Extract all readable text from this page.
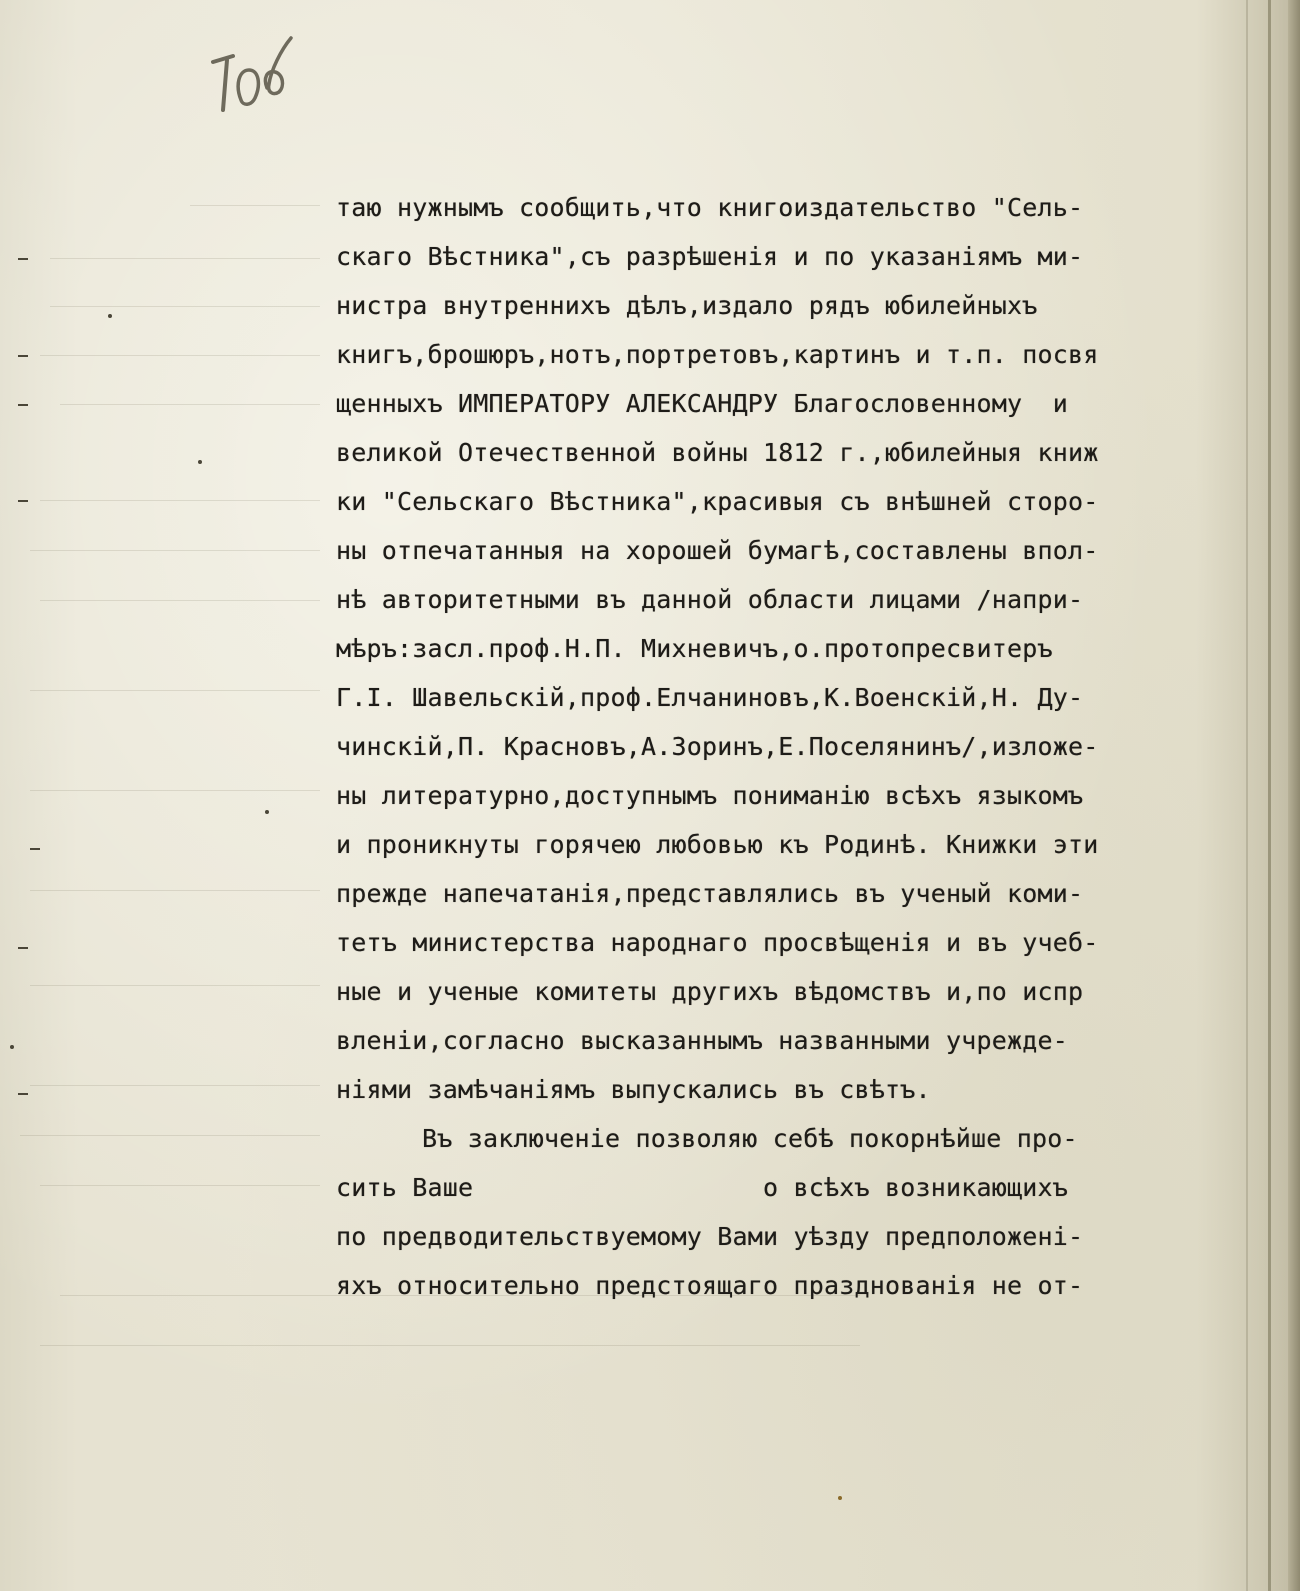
таю нужнымъ сообщить,что книгоиздательство "Сель-
скаго Вѣстника",съ разрѣшенія и по указаніямъ ми-
нистра внутреннихъ дѣлъ,издало рядъ юбилейныхъ
книгъ,брошюръ,нотъ,портретовъ,картинъ и т.п. посвя
щенныхъ ИМПЕРАТОРУ АЛЕКСАНДРУ Благословенному  и
великой Отечественной войны 1812 г.,юбилейныя книж
ки "Сельскаго Вѣстника",красивыя съ внѣшней сторо-
ны отпечатанныя на хорошей бумагѣ,составлены впол-
нѣ авторитетными въ данной области лицами /напри-
мѣръ:засл.проф.Н.П. Михневичъ,о.протопресвитеръ
Г.I. Шавельскiй,проф.Елчаниновъ,К.Военскiй,Н. Ду-
чинскiй,П. Красновъ,А.Зоринъ,Е.Поселянинъ/,изложе-
ны литературно,доступнымъ пониманію всѣхъ языкомъ
и проникнуты горячею любовью къ Родинѣ. Книжки эти
прежде напечатанія,представлялись въ ученый коми-
тетъ министерства народнаго просвѣщенія и въ учеб-
ные и ученые комитеты другихъ вѣдомствъ и,по испр
вленiи,согласно высказаннымъ названными учрежде-
ніями замѣчаніямъ выпускались въ свѣтъ.
Въ заключеніе позволяю себѣ покорнѣйше про-
сить Ваше                   о всѣхъ возникающихъ
по предводительствуемому Вами уѣзду предположені-
яхъ относительно предстоящаго празднованія не от-
